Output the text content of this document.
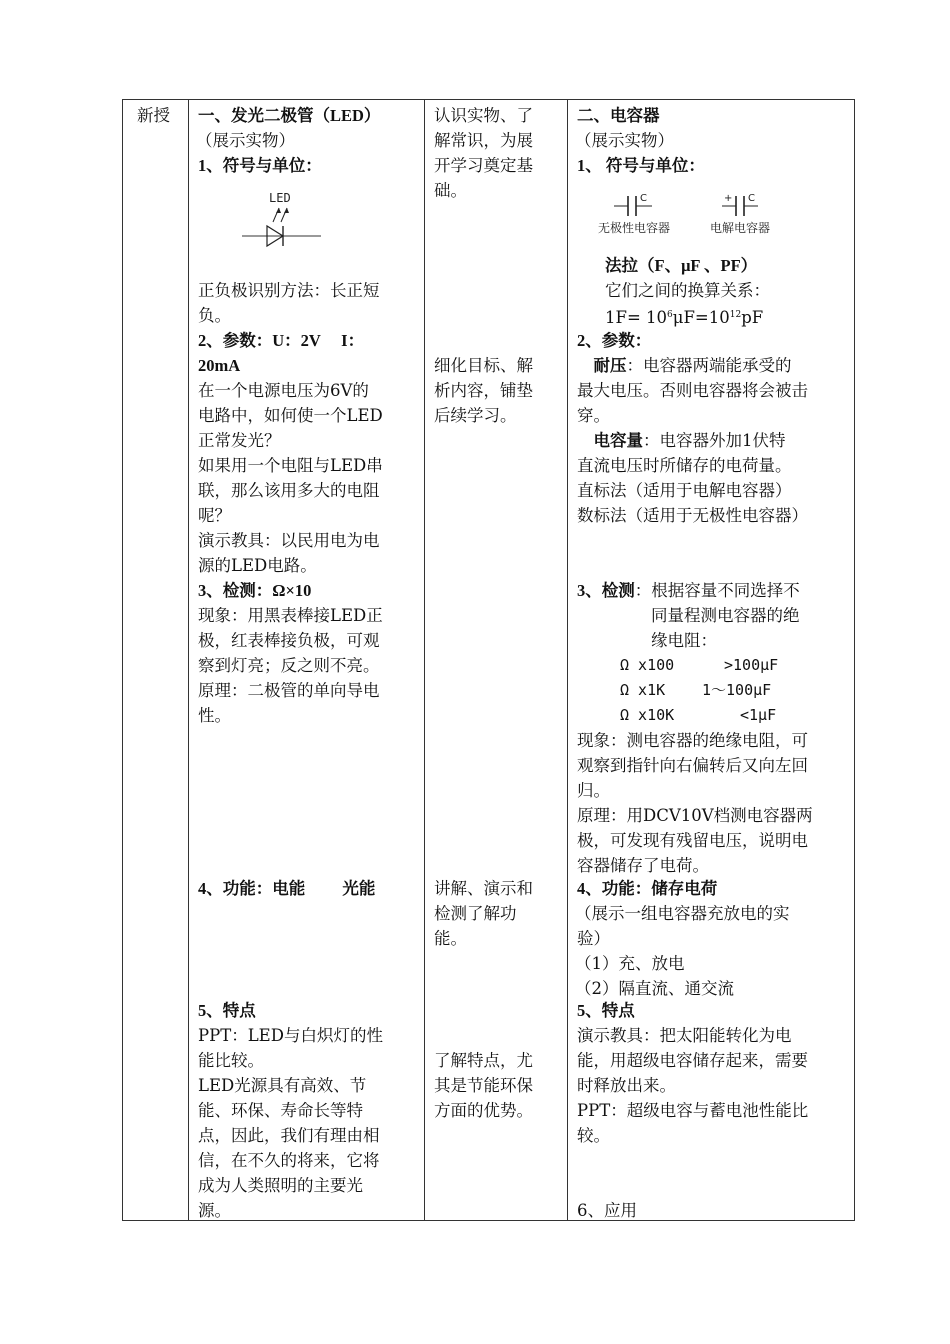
新授 一、发光二极管（LED）
（展示实物）
1、符号与单位：
LED
正负极识别方法：长正短
负。
2、参数：U：2V　 I：
20mA
在一个电源电压为6V的
电路中，如何使一个LED
正常发光？
如果用一个电阻与LED串
联，那么该用多大的电阻
呢？
演示教具：以民用电为电
源的LED电路。
3、检测：Ω×10
现象：用黑表棒接LED正
极，红表棒接负极，可观
察到灯亮；反之则不亮。
原理：二极管的单向导电
性。
4、功能：电能　　 光能
5、特点
PPT：LED与白炽灯的性
能比较。
LED光源具有高效、节
能、环保、寿命长等特
点，因此，我们有理由相
信，在不久的将来，它将
成为人类照明的主要光
源。
认识实物、了
解常识，为展
开学习奠定基
础。
细化目标、解
析内容，铺垫
后续学习。
讲解、演示和
检测了解功
能。
了解特点，尤
其是节能环保
方面的优势。
二、电容器
（展示实物）
1、 符号与单位：
C
无极性电容器
+ C
电解电容器
法拉（F、μF 、PF）
它们之间的换算关系：
$1F= 10^6\mu F=10^{12}pF$
2、参数：
　耐压：电容器两端能承受的
最大电压。否则电容器将会被击
穿。
　电容量：电容器外加1伏特
直流电压时所储存的电荷量。
直标法（适用于电解电容器）
数标法（适用于无极性电容器）
3、检测：根据容量不同选择不
同量程测电容器的绝
缘电阻：
Ω x100	>100μF
Ω x1K 1～100μF
Ω x10K	<1μF
现象：测电容器的绝缘电阻，可
观察到指针向右偏转后又向左回
归。
原理：用DCV10V档测电容器两
极，可发现有残留电压，说明电
容器储存了电荷。
4、功能：储存电荷
（展示一组电容器充放电的实
验）
（1）充、放电
（2）隔直流、通交流
5、特点
演示教具：把太阳能转化为电
能，用超级电容储存起来，需要
时释放出来。
PPT：超级电容与蓄电池性能比
较。
6、应用
